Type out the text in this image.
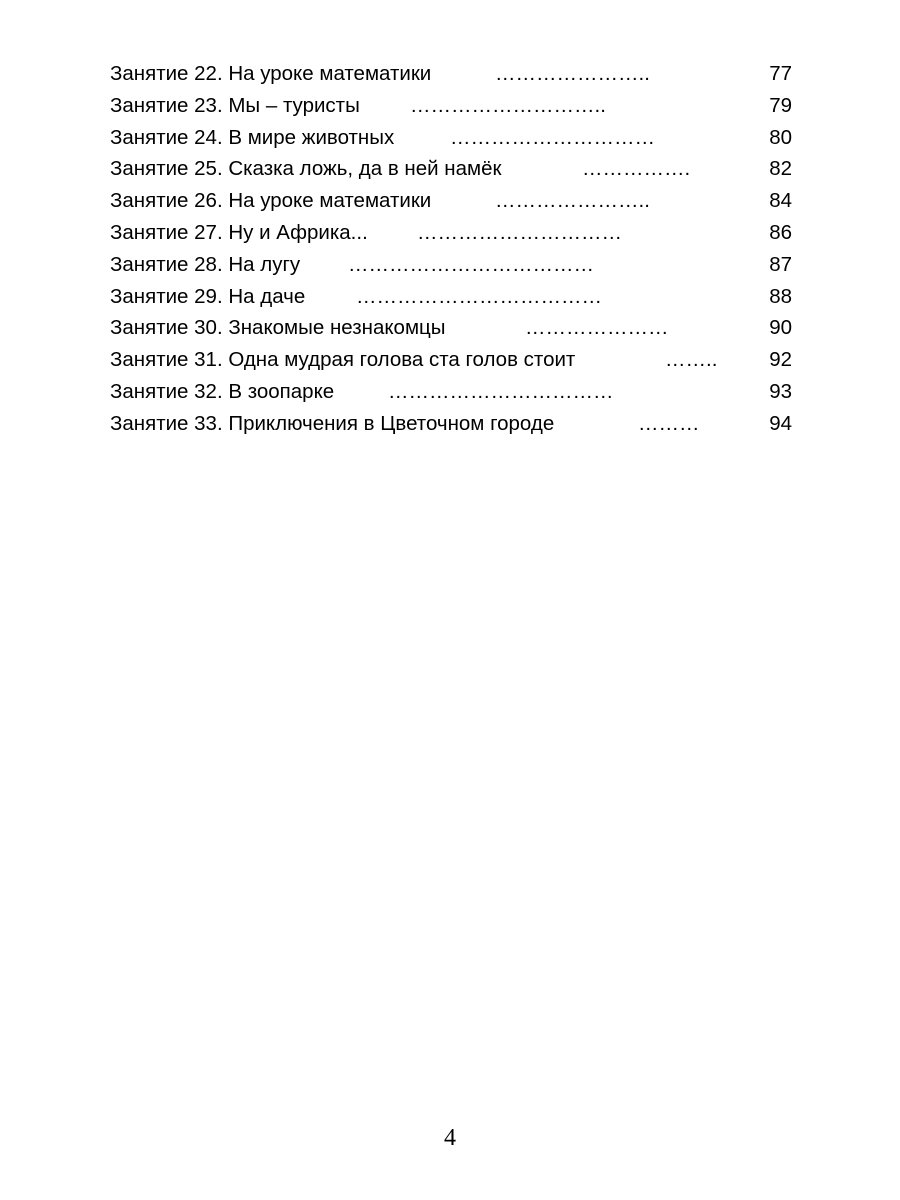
Занятие 22. На уроке математики	…………………..	77
Занятие 23. Мы – туристы ………………………..	79
Занятие 24. В мире животных	…………………………	80
Занятие 25. Сказка ложь, да в ней намёк	…………….	82
Занятие 26. На уроке математики	…………………..	84
Занятие 27. Ну и Африка... …………………………	86
Занятие 28. На лугу ………………………………	87
Занятие 29. На даче ………………………………	88
Занятие 30. Знакомые незнакомцы	…………………	90
Занятие 31. Одна мудрая голова ста голов стоит	……..	92
Занятие 32. В зоопарке	……………………………	93
Занятие 33. Приключения в Цветочном городе	………	94
4
